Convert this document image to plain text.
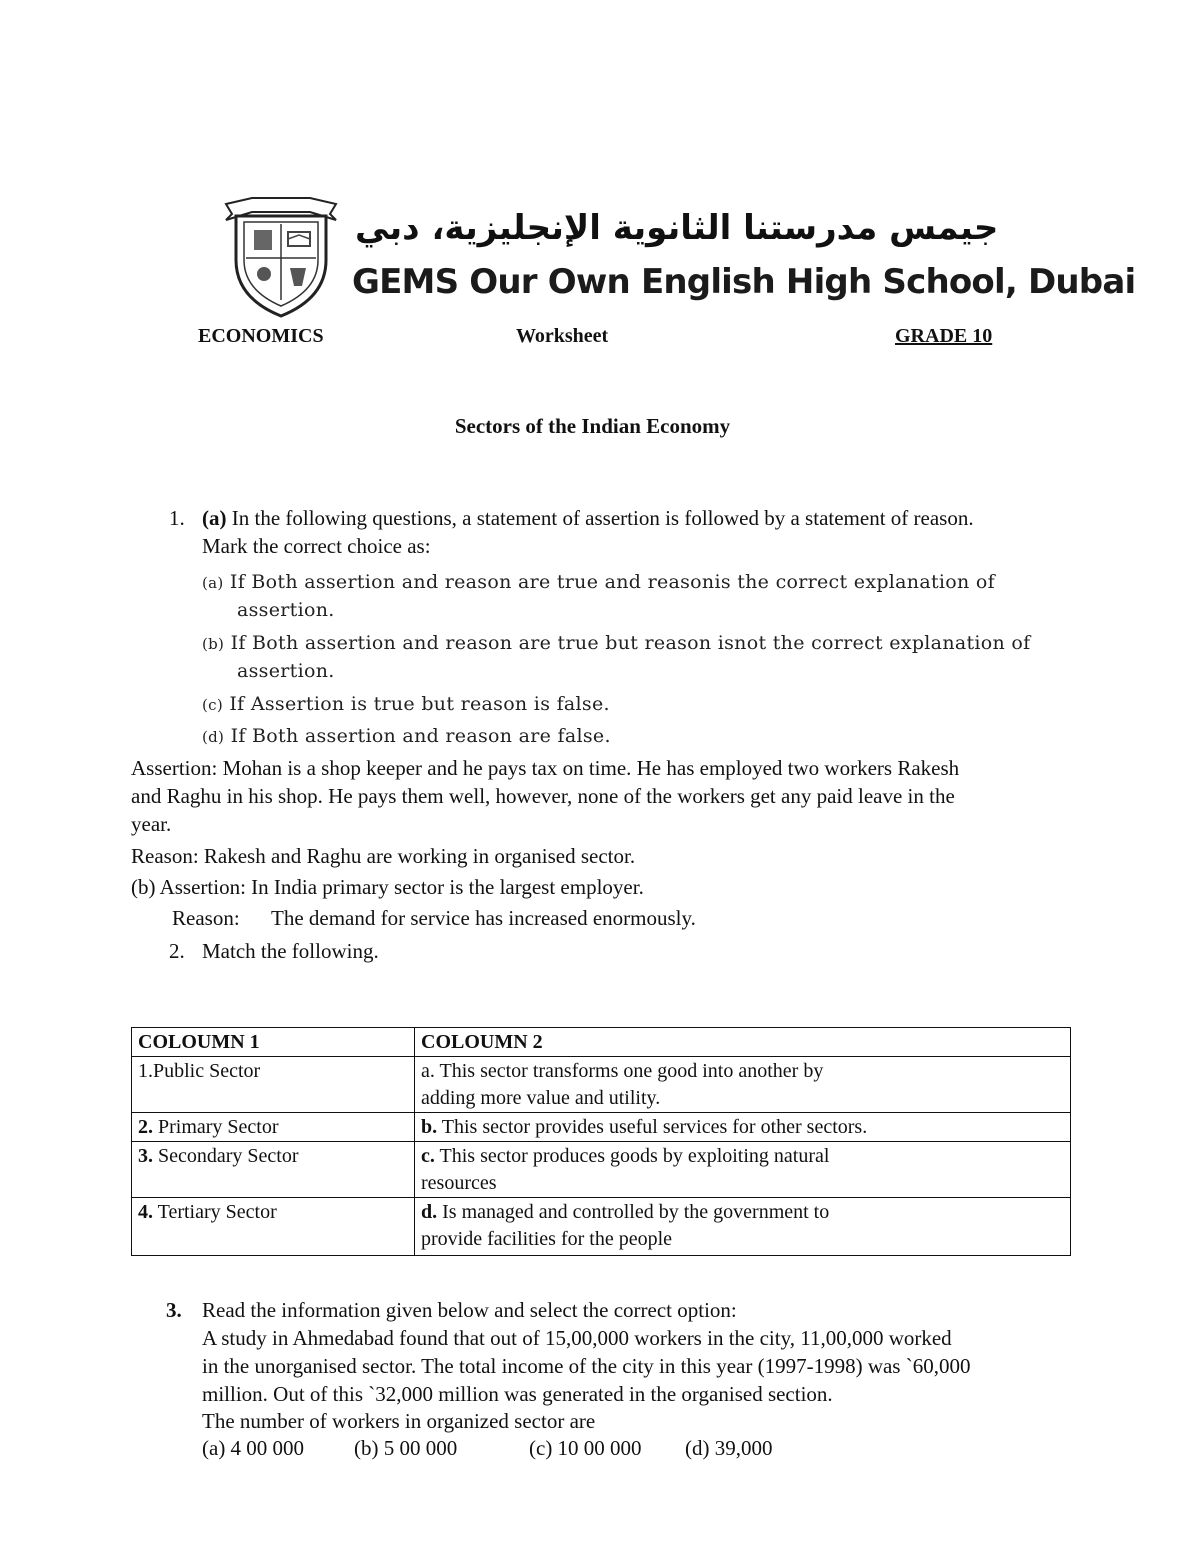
جيمس مدرستنا الثانوية الإنجليزية، دبي
GEMS Our Own English High School, Dubai
ECONOMICS	Worksheet	GRADE 10
Sectors of the Indian Economy
1. (a) In the following questions, a statement of assertion is followed by a statement of reason.
Mark the correct choice as:
(a) If Both assertion and reason are true and reasonis the correct explanation of
assertion.
(b) If Both assertion and reason are true but reason isnot the correct explanation of
assertion.
(c) If Assertion is true but reason is false.
(d) If Both assertion and reason are false.
Assertion: Mohan is a shop keeper and he pays tax on time. He has employed two workers Rakesh
and Raghu in his shop. He pays them well, however, none of the workers get any paid leave in the
year.
Reason: Rakesh and Raghu are working in organised sector.
(b) Assertion: In India primary sector is the largest employer.
Reason: The demand for service has increased enormously.
2. Match the following.
COLOUMN 1	COLOUMN 2
1.Public Sector	a. This sector transforms one good into another by
adding more value and utility.
2. Primary Sector	b. This sector provides useful services for other sectors.
3. Secondary Sector	c. This sector produces goods by exploiting natural
resources
4. Tertiary Sector	d. Is managed and controlled by the government to
provide facilities for the people
3. Read the information given below and select the correct option:
A study in Ahmedabad found that out of 15,00,000 workers in the city, 11,00,000 worked
in the unorganised sector. The total income of the city in this year (1997-1998) was `60,000
million. Out of this `32,000 million was generated in the organised section.
The number of workers in organized sector are
(a) 4 00 000 (b) 5 00 000	(c) 10 00 000 (d) 39,000
